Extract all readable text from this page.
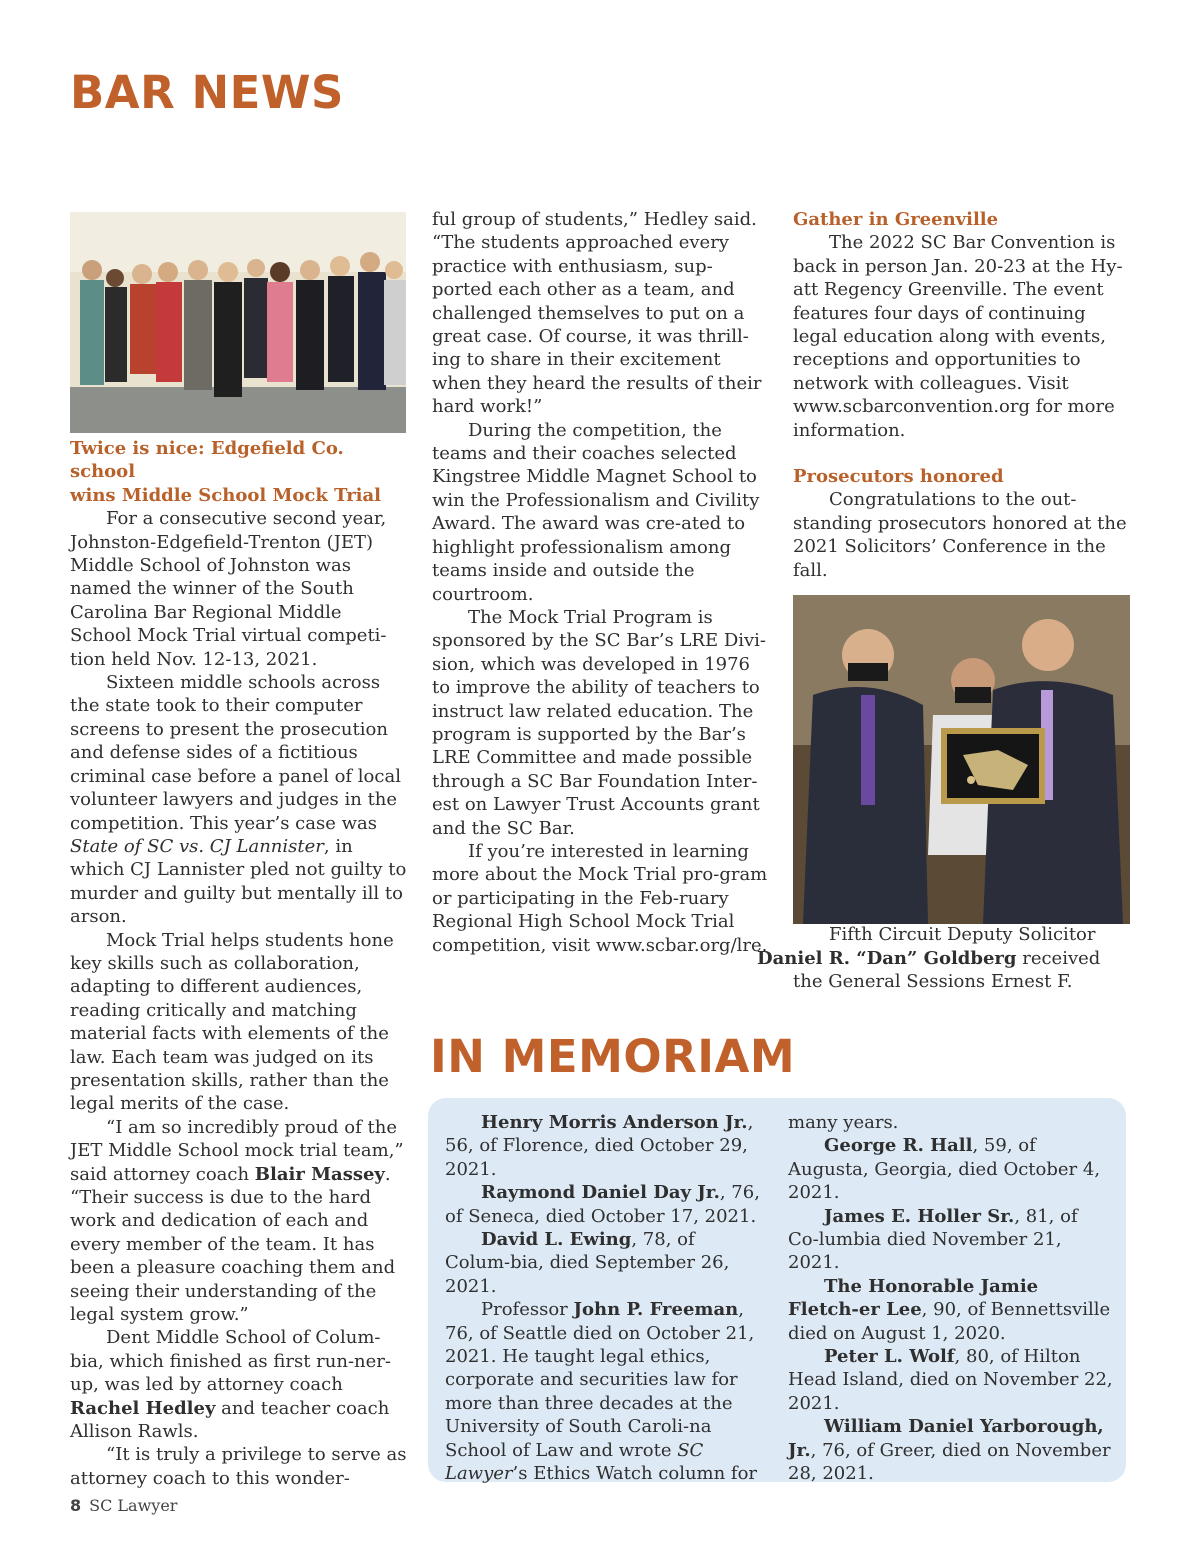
BAR NEWS
Twice is nice: Edgefield Co. school
wins Middle School Mock Trial

For a consecutive second year, Johnston-Edgefield-Trenton (JET) Middle School of Johnston was named the winner of the South Carolina Bar Regional Middle School Mock Trial virtual competi-tion held Nov. 12-13, 2021.

Sixteen middle schools across the state took to their computer screens to present the prosecution and defense sides of a fictitious criminal case before a panel of local volunteer lawyers and judges in the competition. This year’s case was State of SC vs. CJ Lannister, in which CJ Lannister pled not guilty to murder and guilty but mentally ill to arson.

Mock Trial helps students hone key skills such as collaboration, adapting to different audiences, reading critically and matching material facts with elements of the law. Each team was judged on its presentation skills, rather than the legal merits of the case.

“I am so incredibly proud of the JET Middle School mock trial team,” said attorney coach Blair Massey. “Their success is due to the hard work and dedication of each and every member of the team. It has been a pleasure coaching them and seeing their understanding of the legal system grow.”

Dent Middle School of Colum-bia, which finished as first run-ner-up, was led by attorney coach Rachel Hedley and teacher coach Allison Rawls.

“It is truly a privilege to serve as attorney coach to this wonder-

ful group of students,” Hedley said. “The students approached every practice with enthusiasm, sup-ported each other as a team, and challenged themselves to put on a great case. Of course, it was thrill-ing to share in their excitement when they heard the results of their hard work!”

During the competition, the teams and their coaches selected Kingstree Middle Magnet School to win the Professionalism and Civility Award. The award was cre-ated to highlight professionalism among teams inside and outside the courtroom.

The Mock Trial Program is sponsored by the SC Bar’s LRE Divi-sion, which was developed in 1976 to improve the ability of teachers to instruct law related education. The program is supported by the Bar’s LRE Committee and made possible through a SC Bar Foundation Inter-est on Lawyer Trust Accounts grant and the SC Bar.

If you’re interested in learning more about the Mock Trial pro-gram or participating in the Feb-ruary Regional High School Mock Trial competition, visit www.scbar.org/lre.

Gather in Greenville

The 2022 SC Bar Convention is back in person Jan. 20-23 at the Hy-att Regency Greenville. The event features four days of continuing legal education along with events, receptions and opportunities to network with colleagues. Visit www.scbarconvention.org for more information.

Prosecutors honored

Congratulations to the out-standing prosecutors honored at the 2021 Solicitors’ Conference in the fall.

Fifth Circuit Deputy Solicitor
Daniel R. “Dan” Goldberg received the General Sessions Ernest F.

IN MEMORIAM

Henry Morris Anderson Jr., 56, of Florence, died October 29, 2021.

Raymond Daniel Day Jr., 76, of Seneca, died October 17, 2021.

David L. Ewing, 78, of Colum-bia, died September 26, 2021.

Professor John P. Freeman, 76, of Seattle died on October 21, 2021. He taught legal ethics, corporate and securities law for more than three decades at the University of South Caroli-na School of Law and wrote SC Lawyer’s Ethics Watch column for

many years.

George R. Hall, 59, of Augusta, Georgia, died October 4, 2021.

James E. Holler Sr., 81, of Co-lumbia died November 21, 2021.

The Honorable Jamie Fletch-er Lee, 90, of Bennettsville died on August 1, 2020.

Peter L. Wolf, 80, of Hilton Head Island, died on November 22, 2021.

William Daniel Yarborough, Jr., 76, of Greer, died on November 28, 2021.

8 SC Lawyer
